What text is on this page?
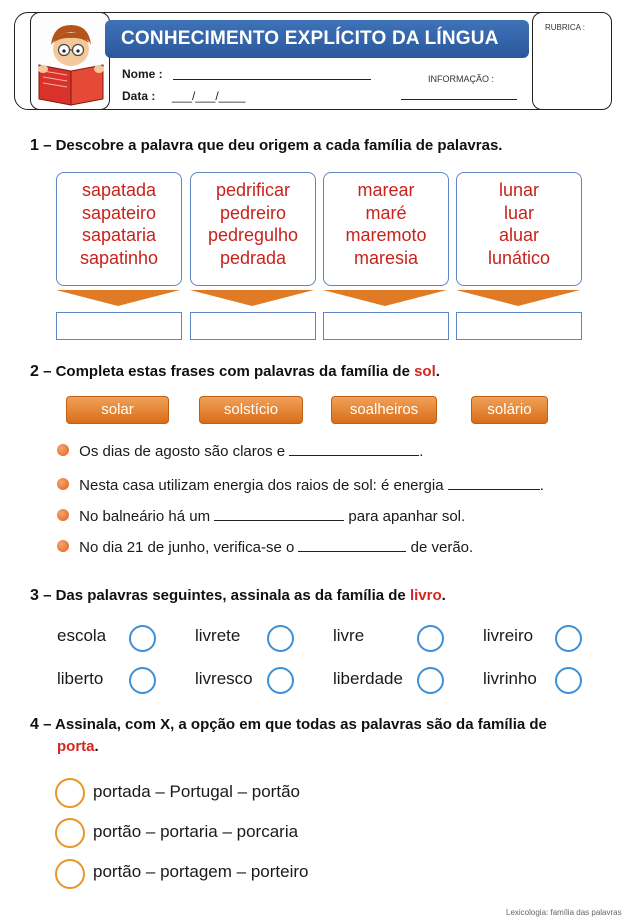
CONHECIMENTO EXPLÍCITO DA LÍNGUA
Nome :
Data : ___/___/____
INFORMAÇÃO :
RUBRICA :
1 – Descobre a palavra que deu origem a cada família de palavras.
sapatada
sapateiro
sapataria
sapatinho
pedrificar
pedreiro
pedregulho
pedrada
marear
maré
maremoto
maresia
lunar
luar
aluar
lunático
2 – Completa estas frases com palavras da família de sol.
solar	solstício	soalheiros	solário
Os dias de agosto são claros e	.
Nesta casa utilizam energia dos raios de sol: é energia	.
No balneário há um	para apanhar sol.
No dia 21 de junho, verifica-se o	de verão.
3 – Das palavras seguintes, assinala as da família de livro.
escola	livrete	livre	livreiro
liberto	livresco	liberdade	livrinho
4 – Assinala, com X, a opção em que todas as palavras são da família de
porta.
portada – Portugal – portão
portão – portaria – porcaria
portão – portagem – porteiro
Lexicologia: família das palavras
